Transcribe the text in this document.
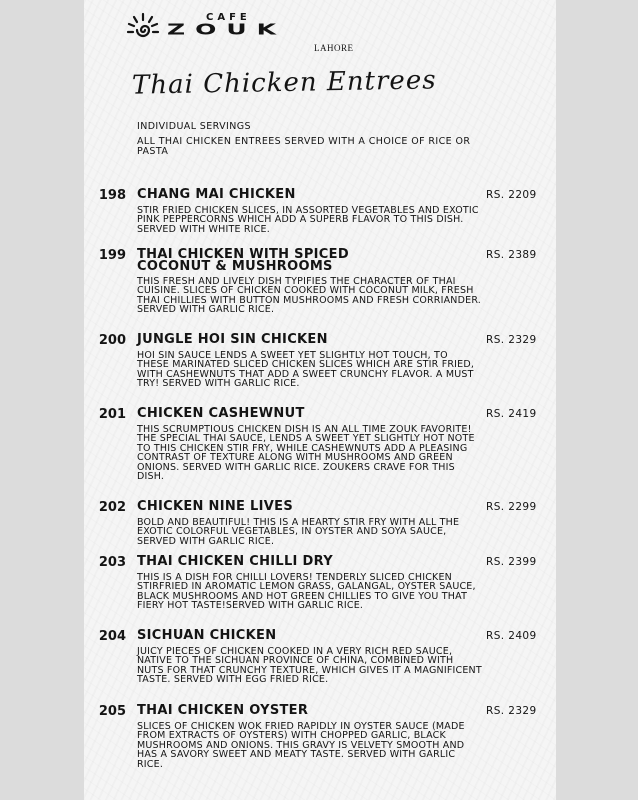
CAFE
ZOUK
LAHORE
Thai Chicken Entrees
INDIVIDUAL SERVINGS
ALL THAI CHICKEN ENTREES SERVED WITH A CHOICE OF RICE OR PASTA
198 CHANG MAI CHICKEN	RS. 2209
STIR FRIED CHICKEN SLICES, IN ASSORTED VEGETABLES AND EXOTIC PINK PEPPERCORNS WHICH ADD A SUPERB FLAVOR TO THIS DISH. SERVED WITH WHITE RICE.
199 THAI CHICKEN WITH SPICED COCONUT & MUSHROOMS
RS. 2389
THIS FRESH AND LIVELY DISH TYPIFIES THE CHARACTER OF THAI CUISINE. SLICES OF CHICKEN COOKED WITH COCONUT MILK, FRESH THAI CHILLIES WITH BUTTON MUSHROOMS AND FRESH CORRIANDER. SERVED WITH GARLIC RICE.
200 JUNGLE HOI SIN CHICKEN	RS. 2329
HOI SIN SAUCE LENDS A SWEET YET SLIGHTLY HOT TOUCH, TO THESE MARINATED SLICED CHICKEN SLICES WHICH ARE STIR FRIED, WITH CASHEWNUTS THAT ADD A SWEET CRUNCHY FLAVOR. A MUST TRY! SERVED WITH GARLIC RICE.
201 CHICKEN CASHEWNUT	RS. 2419
THIS SCRUMPTIOUS CHICKEN DISH IS AN ALL TIME ZOUK FAVORITE! THE SPECIAL THAI SAUCE, LENDS A SWEET YET SLIGHTLY HOT NOTE TO THIS CHICKEN STIR FRY, WHILE CASHEWNUTS ADD A PLEASING CONTRAST OF TEXTURE ALONG WITH MUSHROOMS AND GREEN ONIONS. SERVED WITH GARLIC RICE. ZOUKERS CRAVE FOR THIS DISH.
202 CHICKEN NINE LIVES	RS. 2299
BOLD AND BEAUTIFUL! THIS IS A HEARTY STIR FRY WITH ALL THE EXOTIC COLORFUL VEGETABLES, IN OYSTER AND SOYA SAUCE, SERVED WITH GARLIC RICE.
203 THAI CHICKEN CHILLI DRY	RS. 2399
THIS IS A DISH FOR CHILLI LOVERS! TENDERLY SLICED CHICKEN STIRFRIED IN AROMATIC LEMON GRASS, GALANGAL, OYSTER SAUCE, BLACK MUSHROOMS AND HOT GREEN CHILLIES TO GIVE YOU THAT FIERY HOT TASTE!SERVED WITH GARLIC RICE.
204 SICHUAN CHICKEN	RS. 2409
JUICY PIECES OF CHICKEN COOKED IN A VERY RICH RED SAUCE, NATIVE TO THE SICHUAN PROVINCE OF CHINA, COMBINED WITH NUTS FOR THAT CRUNCHY TEXTURE, WHICH GIVES IT A MAGNIFICENT TASTE. SERVED WITH EGG FRIED RICE.
205 THAI CHICKEN OYSTER	RS. 2329
SLICES OF CHICKEN WOK FRIED RAPIDLY IN OYSTER SAUCE (MADE FROM EXTRACTS OF OYSTERS) WITH CHOPPED GARLIC, BLACK MUSHROOMS AND ONIONS. THIS GRAVY IS VELVETY SMOOTH AND HAS A SAVORY SWEET AND MEATY TASTE. SERVED WITH GARLIC RICE.
